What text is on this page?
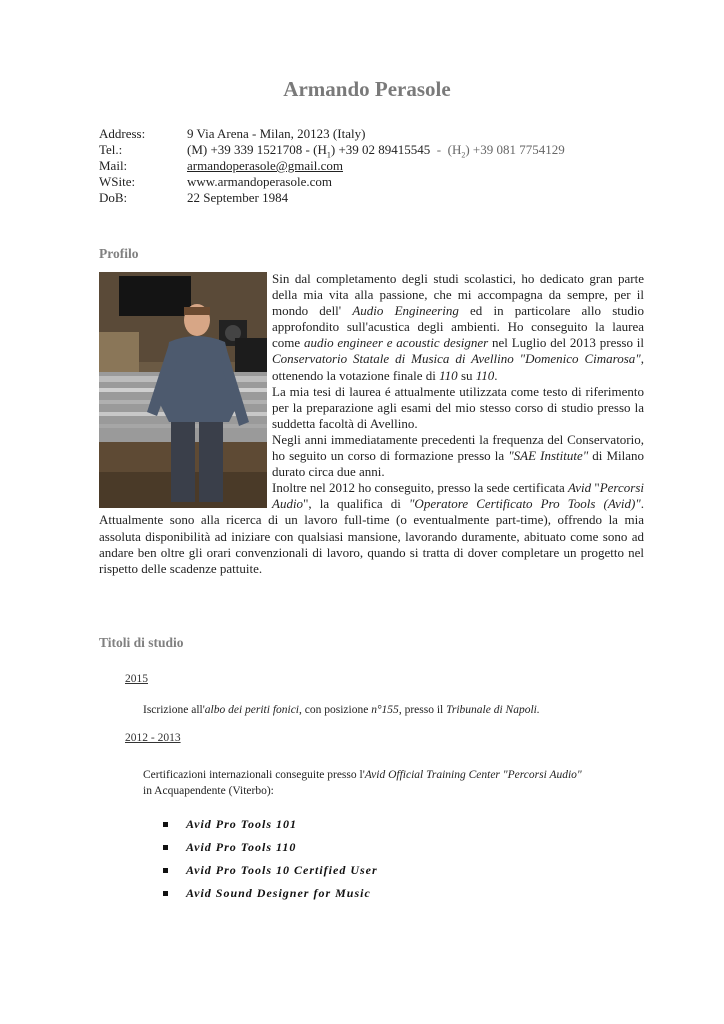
Armando Perasole
Address:	9 Via Arena - Milan, 20123 (Italy)
Tel.:	(M) +39 339 $1521708 - (H_1) +39$ 02 $89415545 - (H_2) +39$ 081 7754129
Mail:	armandoperasole@gmail.com
WSite:	www.armandoperasole.com
DoB:	22 September 1984
Profilo

Sin dal completamento degli studi scolastici, ho dedicato gran parte della mia vita alla passione, che mi accompagna da sempre, per il mondo dell' Audio Engineering ed in particolare allo studio approfondito sull'acustica degli ambienti. Ho conseguito la laurea come audio engineer e acoustic designer nel Luglio del 2013 presso il Conservatorio Statale di Musica di Avellino "Domenico Cimarosa", ottenendo la votazione finale di 110 su 110.

La mia tesi di laurea é attualmente utilizzata come testo di riferimento per la preparazione agli esami del mio stesso corso di studio presso la suddetta facoltà di Avellino.

Negli anni immediatamente precedenti la frequenza del Conservatorio, ho seguito un corso di formazione presso la "SAE Institute" di Milano durato circa due anni.

Inoltre nel 2012 ho conseguito, presso la sede certificata Avid "Percorsi Audio", la qualifica di "Operatore Certificato Pro Tools (Avid)". Attualmente sono alla ricerca di un lavoro full-time (o eventualmente part-time), offrendo la mia assoluta disponibilità ad iniziare con qualsiasi mansione, lavorando duramente, abituato come sono ad andare ben oltre gli orari convenzionali di lavoro, quando si tratta di dover completare un progetto nel rispetto delle scadenze pattuite.

Titoli di studio
2015
Iscrizione all'albo dei periti fonici, con posizione n°155, presso il Tribunale di Napoli.
2012 - 2013
Certificazioni internazionali conseguite presso l'Avid Official Training Center "Percorsi Audio"
in Acquapendente (Viterbo):
Avid Pro Tools 101
Avid Pro Tools 110
Avid Pro Tools 10 Certified User
Avid Sound Designer for Music
